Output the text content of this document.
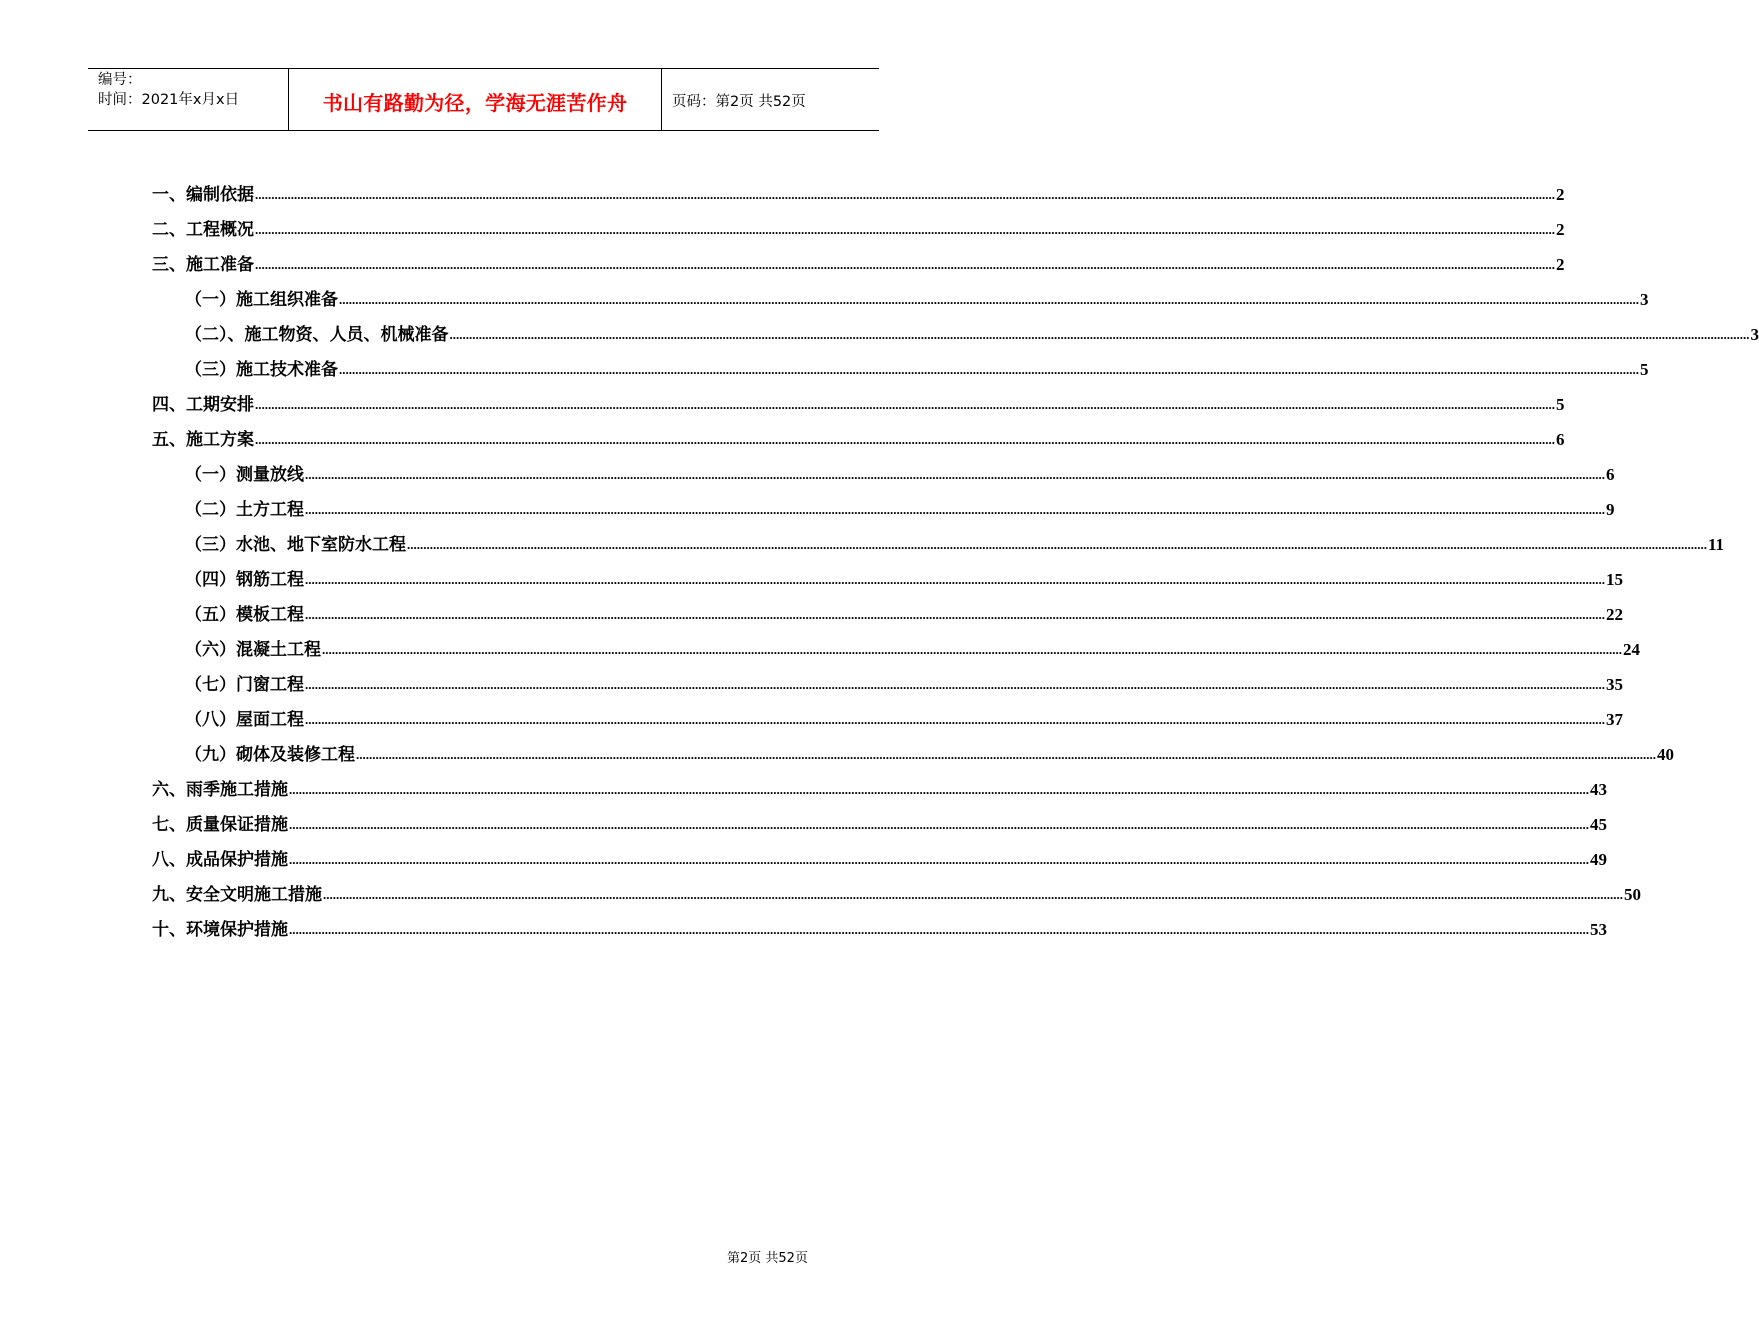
编号：
时间：2021年x月x日	书山有路勤为径，学海无涯苦作舟	页码：第2页 共52页
一、编制依据 ................................................................................................................................................................................................................................................................................................................................................................................................................ 2
二、工程概况 ................................................................................................................................................................................................................................................................................................................................................................................................................ 2
三、施工准备 ................................................................................................................................................................................................................................................................................................................................................................................................................ 2
（一）施工组织准备 ................................................................................................................................................................................................................................................................................................................................................................................................................ 3
（二）、施工物资、人员、机械准备 ................................................................................................................................................................................................................................................................................................................................................................................................................ 3
（三）施工技术准备 ................................................................................................................................................................................................................................................................................................................................................................................................................ 5
四、工期安排 ................................................................................................................................................................................................................................................................................................................................................................................................................ 5
五、施工方案 ................................................................................................................................................................................................................................................................................................................................................................................................................ 6
（一）测量放线 ................................................................................................................................................................................................................................................................................................................................................................................................................ 6
（二）土方工程 ................................................................................................................................................................................................................................................................................................................................................................................................................ 9
（三）水池、地下室防水工程 ................................................................................................................................................................................................................................................................................................................................................................................................................ 11
（四）钢筋工程 ................................................................................................................................................................................................................................................................................................................................................................................................................ 15
（五）模板工程 ................................................................................................................................................................................................................................................................................................................................................................................................................ 22
（六）混凝土工程 ................................................................................................................................................................................................................................................................................................................................................................................................................ 24
（七）门窗工程 ................................................................................................................................................................................................................................................................................................................................................................................................................ 35
（八）屋面工程 ................................................................................................................................................................................................................................................................................................................................................................................................................ 37
（九）砌体及装修工程 ................................................................................................................................................................................................................................................................................................................................................................................................................ 40
六、雨季施工措施 ................................................................................................................................................................................................................................................................................................................................................................................................................ 43
七、质量保证措施 ................................................................................................................................................................................................................................................................................................................................................................................................................ 45
八、成品保护措施 ................................................................................................................................................................................................................................................................................................................................................................................................................ 49
九、安全文明施工措施 ................................................................................................................................................................................................................................................................................................................................................................................................................ 50
十、环境保护措施 ................................................................................................................................................................................................................................................................................................................................................................................................................ 53
第2页 共52页
